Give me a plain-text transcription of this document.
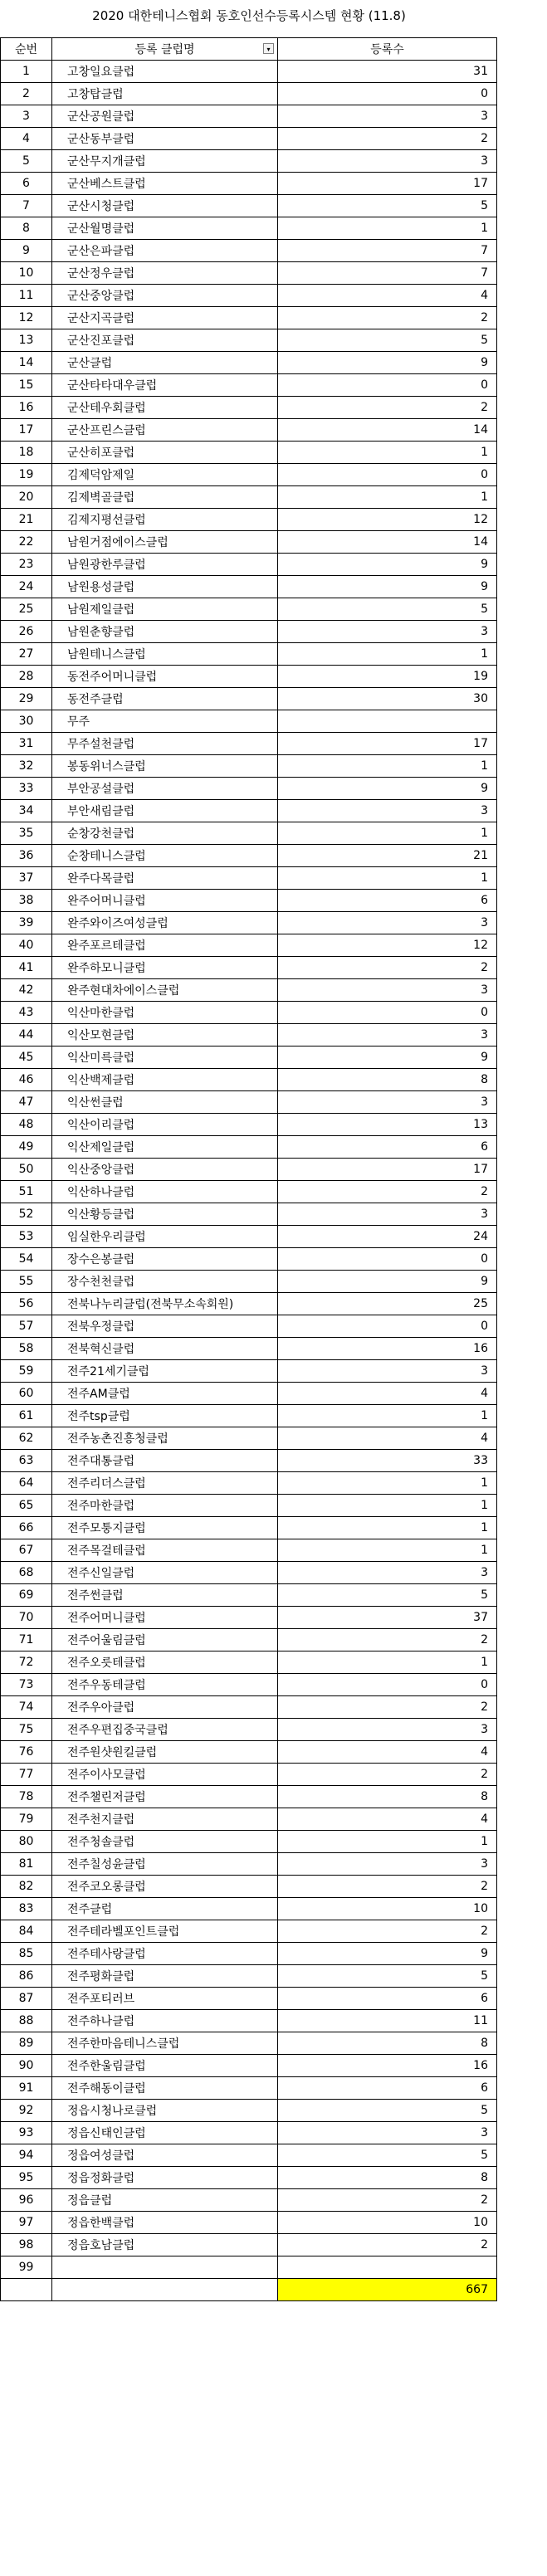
2020 대한테니스협회 동호인선수등록시스템 현황 (11.8)
순번	등록 클럽명 ▾	등록수
1	고창일요클럽	31
2	고창탑클럽	0
3	군산공원클럽	3
4	군산동부클럽	2
5	군산무지개클럽	3
6	군산베스트클럽	17
7	군산시청클럽	5
8	군산월명클럽	1
9	군산은파클럽	7
10	군산정우클럽	7
11	군산중앙클럽	4
12	군산지곡클럽	2
13	군산진포클럽	5
14	군산클럽	9
15	군산타타대우클럽	0
16	군산테우회클럽	2
17	군산프린스클럽	14
18	군산히포클럽	1
19	김제덕암제일	0
20	김제벽골클럽	1
21	김제지평선클럽	12
22	남원거점에이스클럽	14
23	남원광한루클럽	9
24	남원용성클럽	9
25	남원제일클럽	5
26	남원춘향클럽	3
27	남원테니스클럽	1
28	동전주어머니클럽	19
29	동전주클럽	30
30	무주	
31	무주설천클럽	17
32	봉동위너스클럽	1
33	부안공설클럽	9
34	부안새림클럽	3
35	순창강천클럽	1
36	순창테니스클럽	21
37	완주다목클럽	1
38	완주어머니클럽	6
39	완주와이즈여성클럽	3
40	완주포르테클럽	12
41	완주하모니클럽	2
42	완주현대차에이스클럽	3
43	익산마한클럽	0
44	익산모현클럽	3
45	익산미륵클럽	9
46	익산백제클럽	8
47	익산썬클럽	3
48	익산이리클럽	13
49	익산제일클럽	6
50	익산중앙클럽	17
51	익산하나클럽	2
52	익산황등클럽	3
53	임실한우리클럽	24
54	장수은봉클럽	0
55	장수천천클럽	9
56	전북나누리클럽(전북무소속회원)	25
57	전북우정클럽	0
58	전북혁신클럽	16
59	전주21세기클럽	3
60	전주AM클럽	4
61	전주tsp클럽	1
62	전주농촌진흥청클럽	4
63	전주대통클럽	33
64	전주리더스클럽	1
65	전주마한클럽	1
66	전주모퉁지클럽	1
67	전주목걸테클럽	1
68	전주신일클럽	3
69	전주썬클럽	5
70	전주어머니클럽	37
71	전주어울림클럽	2
72	전주오릇테클럽	1
73	전주우동테클럽	0
74	전주우아클럽	2
75	전주우편집중국클럽	3
76	전주원샷원킬클럽	4
77	전주이사모클럽	2
78	전주챌린저클럽	8
79	전주천지클럽	4
80	전주청솔클럽	1
81	전주칠성윤클럽	3
82	전주코오롱클럽	2
83	전주클럽	10
84	전주테라벨포인트클럽	2
85	전주테사랑클럽	9
86	전주평화클럽	5
87	전주포티러브	6
88	전주하나클럽	11
89	전주한마음테니스클럽	8
90	전주한울림클럽	16
91	전주해동이클럽	6
92	정읍시청나로클럽	5
93	정읍신태인클럽	3
94	정읍여성클럽	5
95	정읍정화클럽	8
96	정읍클럽	2
97	정읍한백클럽	10
98	정읍호남클럽	2
99		
		667
